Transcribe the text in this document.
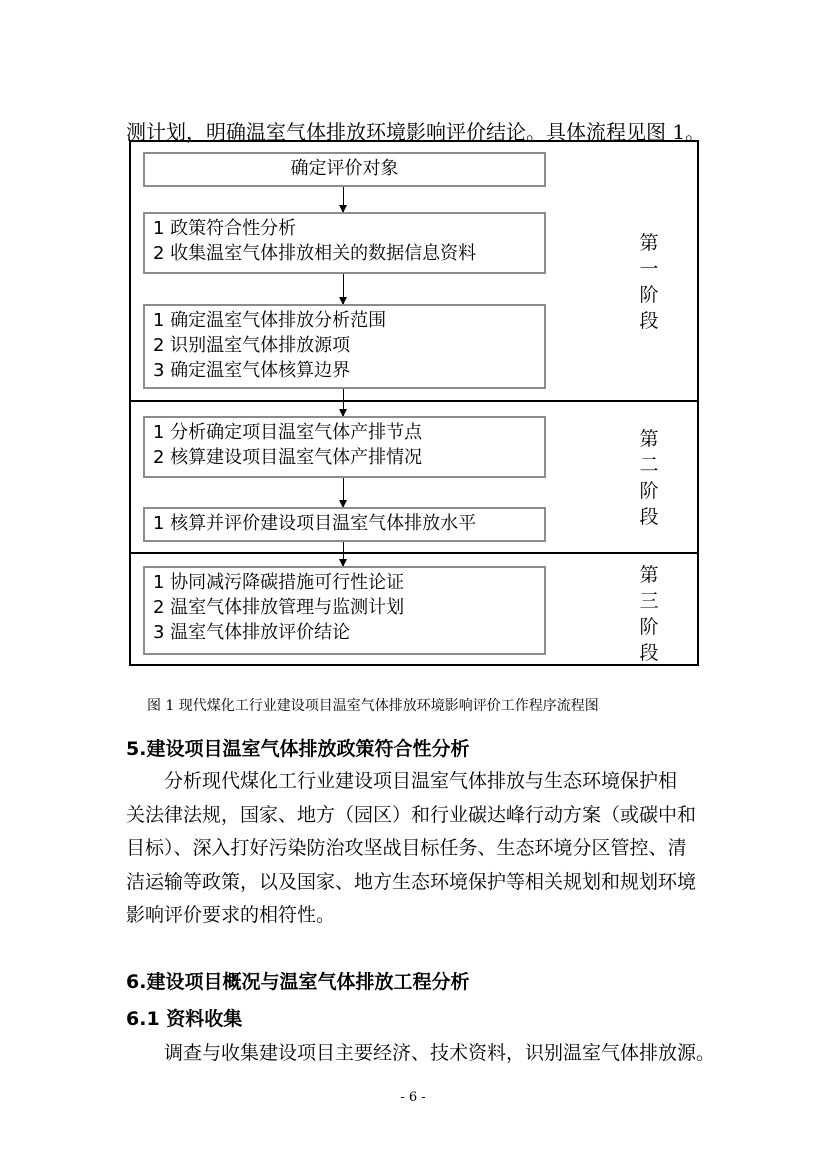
测计划，明确温室气体排放环境影响评价结论。具体流程见图 1。
确定评价对象
1 政策符合性分析
2 收集温室气体排放相关的数据信息资料
1 确定温室气体排放分析范围
2 识别温室气体排放源项
3 确定温室气体核算边界
1 分析确定项目温室气体产排节点
2 核算建设项目温室气体产排情况
1 核算并评价建设项目温室气体排放水平
1 协同减污降碳措施可行性论证
2 温室气体排放管理与监测计划
3 温室气体排放评价结论
第
一
阶
段
第
二
阶
段
第
三
阶
段
图 1 现代煤化工行业建设项目温室气体排放环境影响评价工作程序流程图
5.建设项目温室气体排放政策符合性分析
　　分析现代煤化工行业建设项目温室气体排放与生态环境保护相
关法律法规，国家、地方（园区）和行业碳达峰行动方案（或碳中和
目标）、深入打好污染防治攻坚战目标任务、生态环境分区管控、清
洁运输等政策，以及国家、地方生态环境保护等相关规划和规划环境
影响评价要求的相符性。
6.建设项目概况与温室气体排放工程分析
6.1 资料收集
　　调查与收集建设项目主要经济、技术资料，识别温室气体排放源。
- 6 -
